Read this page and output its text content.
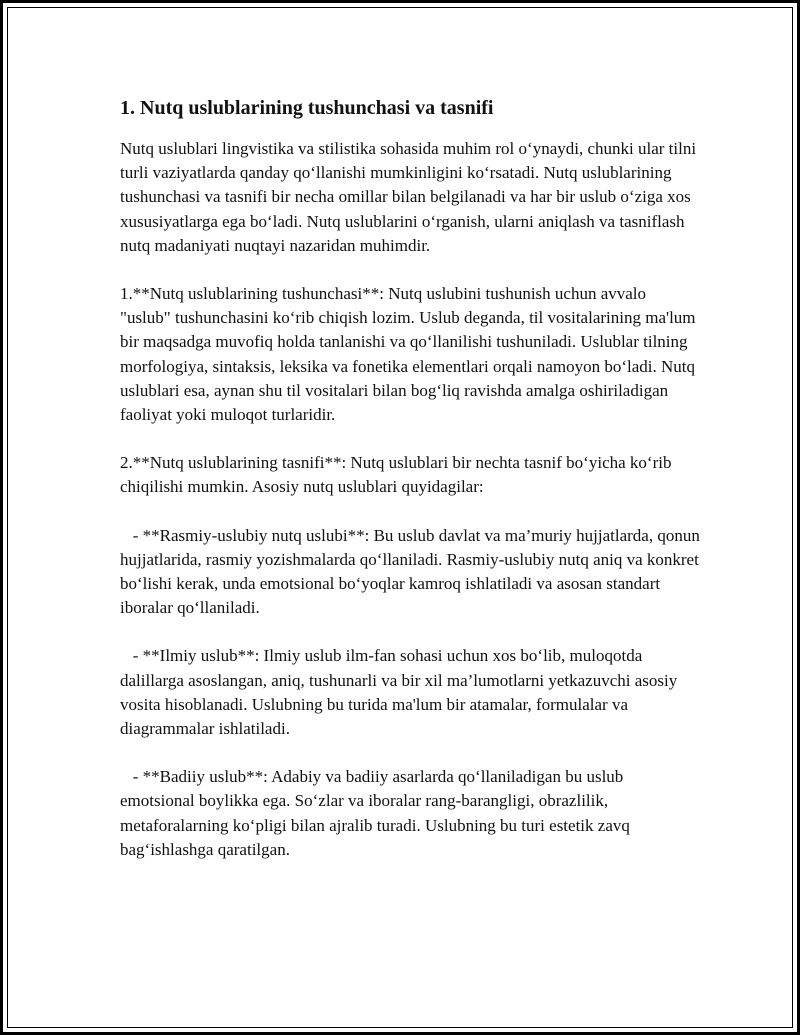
1. Nutq uslublarining tushunchasi va tasnifi

Nutq uslublari lingvistika va stilistika sohasida muhim rol o‘ynaydi, chunki ular tilni turli vaziyatlarda qanday qo‘llanishi mumkinligini ko‘rsatadi. Nutq uslublarining tushunchasi va tasnifi bir necha omillar bilan belgilanadi va har bir uslub o‘ziga xos xususiyatlarga ega bo‘ladi. Nutq uslublarini o‘rganish, ularni aniqlash va tasniflash nutq madaniyati nuqtayi nazaridan muhimdir.

1.**Nutq uslublarining tushunchasi**: Nutq uslubini tushunish uchun avvalo "uslub" tushunchasini ko‘rib chiqish lozim. Uslub deganda, til vositalarining ma'lum bir maqsadga muvofiq holda tanlanishi va qo‘llanilishi tushuniladi. Uslublar tilning morfologiya, sintaksis, leksika va fonetika elementlari orqali namoyon bo‘ladi. Nutq uslublari esa, aynan shu til vositalari bilan bog‘liq ravishda amalga oshiriladigan faoliyat yoki muloqot turlaridir.

2.**Nutq uslublarining tasnifi**: Nutq uslublari bir nechta tasnif bo‘yicha ko‘rib chiqilishi mumkin. Asosiy nutq uslublari quyidagilar:

- **Rasmiy-uslubiy nutq uslubi**: Bu uslub davlat va ma’muriy hujjatlarda, qonun hujjatlarida, rasmiy yozishmalarda qo‘llaniladi. Rasmiy-uslubiy nutq aniq va konkret bo‘lishi kerak, unda emotsional bo‘yoqlar kamroq ishlatiladi va asosan standart iboralar qo‘llaniladi.

- **Ilmiy uslub**: Ilmiy uslub ilm-fan sohasi uchun xos bo‘lib, muloqotda dalillarga asoslangan, aniq, tushunarli va bir xil ma’lumotlarni yetkazuvchi asosiy vosita hisoblanadi. Uslubning bu turida ma'lum bir atamalar, formulalar va diagrammalar ishlatiladi.

- **Badiiy uslub**: Adabiy va badiiy asarlarda qo‘llaniladigan bu uslub emotsional boylikka ega. So‘zlar va iboralar rang-barangligi, obrazlilik, metaforalarning ko‘pligi bilan ajralib turadi. Uslubning bu turi estetik zavq bag‘ishlashga qaratilgan.
